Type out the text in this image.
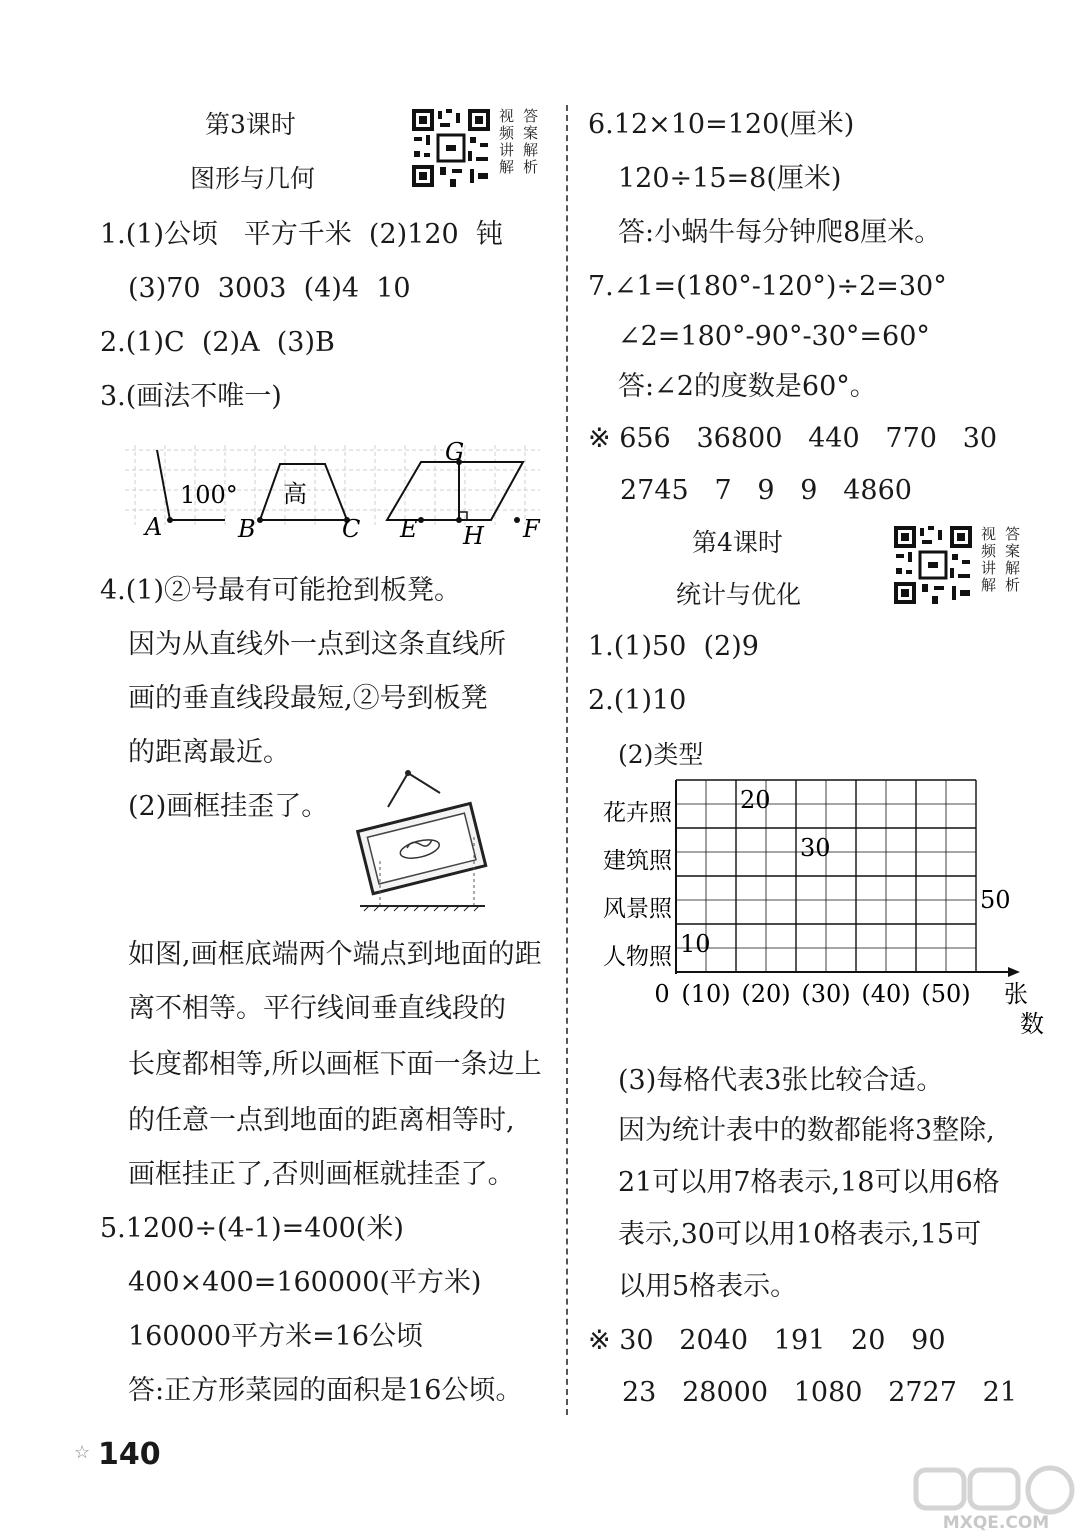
第3课时
图形与几何
视频讲解
答案解析
1.(1)公顷   平方千米  (2)120  钝
(3)70  3003  (4)4  10
2.(1)C  (2)A  (3)B
3.(画法不唯一)
100° 高
A	B	C E H F
G
4.(1)②号最有可能抢到板凳。
因为从直线外一点到这条直线所
画的垂直线段最短,②号到板凳
的距离最近。
(2)画框挂歪了。
如图,画框底端两个端点到地面的距
离不相等。平行线间垂直线段的
长度都相等,所以画框下面一条边上
的任意一点到地面的距离相等时,
画框挂正了,否则画框就挂歪了。
5.1200÷(4-1)=400(米)
400×400=160000(平方米)
160000平方米=16公顷
答:正方形菜园的面积是16公顷。
6.12×10=120(厘米)
120÷15=8(厘米)
答:小蜗牛每分钟爬8厘米。
7.∠1=(180°-120°)÷2=30°
∠2=180°-90°-30°=60°
答:∠2的度数是60°。
※ 656   36800   440   770   30
2745   7   9   9   4860
第4课时
统计与优化
视频讲解
答案解析
1.(1)50  (2)9
2.(1)10
(2)类型
花卉照	20
建筑照	30
风景照	50
人物照 10
0 (10) (20) (30) (40) (50) 张
数
(3)每格代表3张比较合适。
因为统计表中的数都能将3整除,
21可以用7格表示,18可以用6格
表示,30可以用10格表示,15可
以用5格表示。
※ 30   2040   191   20   90
23   28000   1080   2727   21
☆ 140
MXQE.COM
